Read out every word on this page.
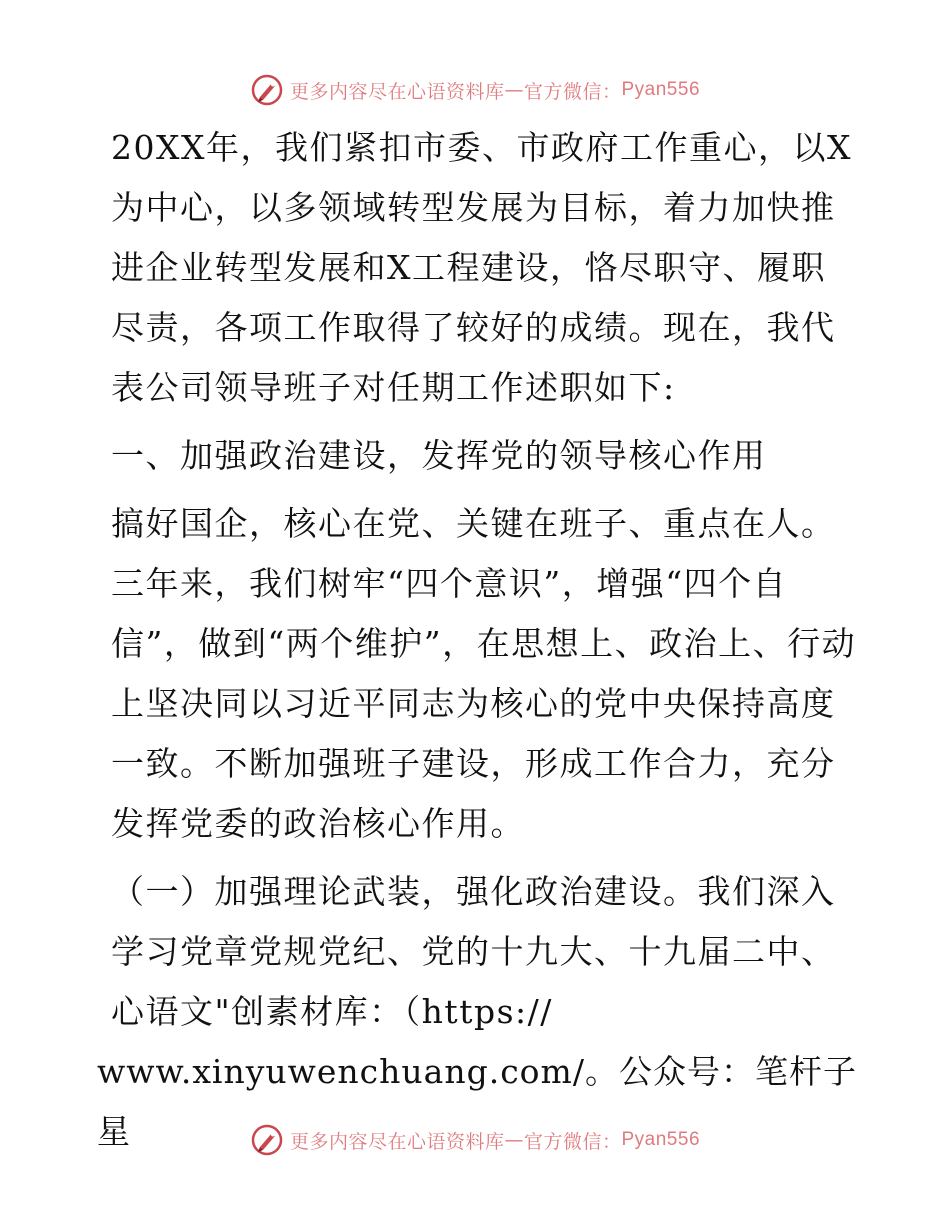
更多内容尽在心语资料库 — 官方微信： Pyan556

20XX年，我们紧扣市委、市政府工作重心，以X为中心，以多领域转型发展为目标，着力加快推进企业转型发展和X工程建设，恪尽职守、履职尽责，各项工作取得了较好的成绩。现在，我代表公司领导班子对任期工作述职如下:

一、加强政治建设，发挥党的领导核心作用

搞好国企，核心在党、关键在班子、重点在人。三年来，我们树牢“四个意识”，增强“四个自信”，做到“两个维护”，在思想上、政治上、行动上坚决同以习近平同志为核心的党中央保持高度一致。不断加强班子建设，形成工作合力，充分发挥党委的政治核心作用。

（一）加强理论武装，强化政治建设。我们深入学习党章党规党纪、党的十九大、十九届二中、心语文"创素材库：（https://

www.xinyuwenchuang.com/。公众号：笔杆子星	更多内容尽在心语资料库 — 官方微信： Pyan556
